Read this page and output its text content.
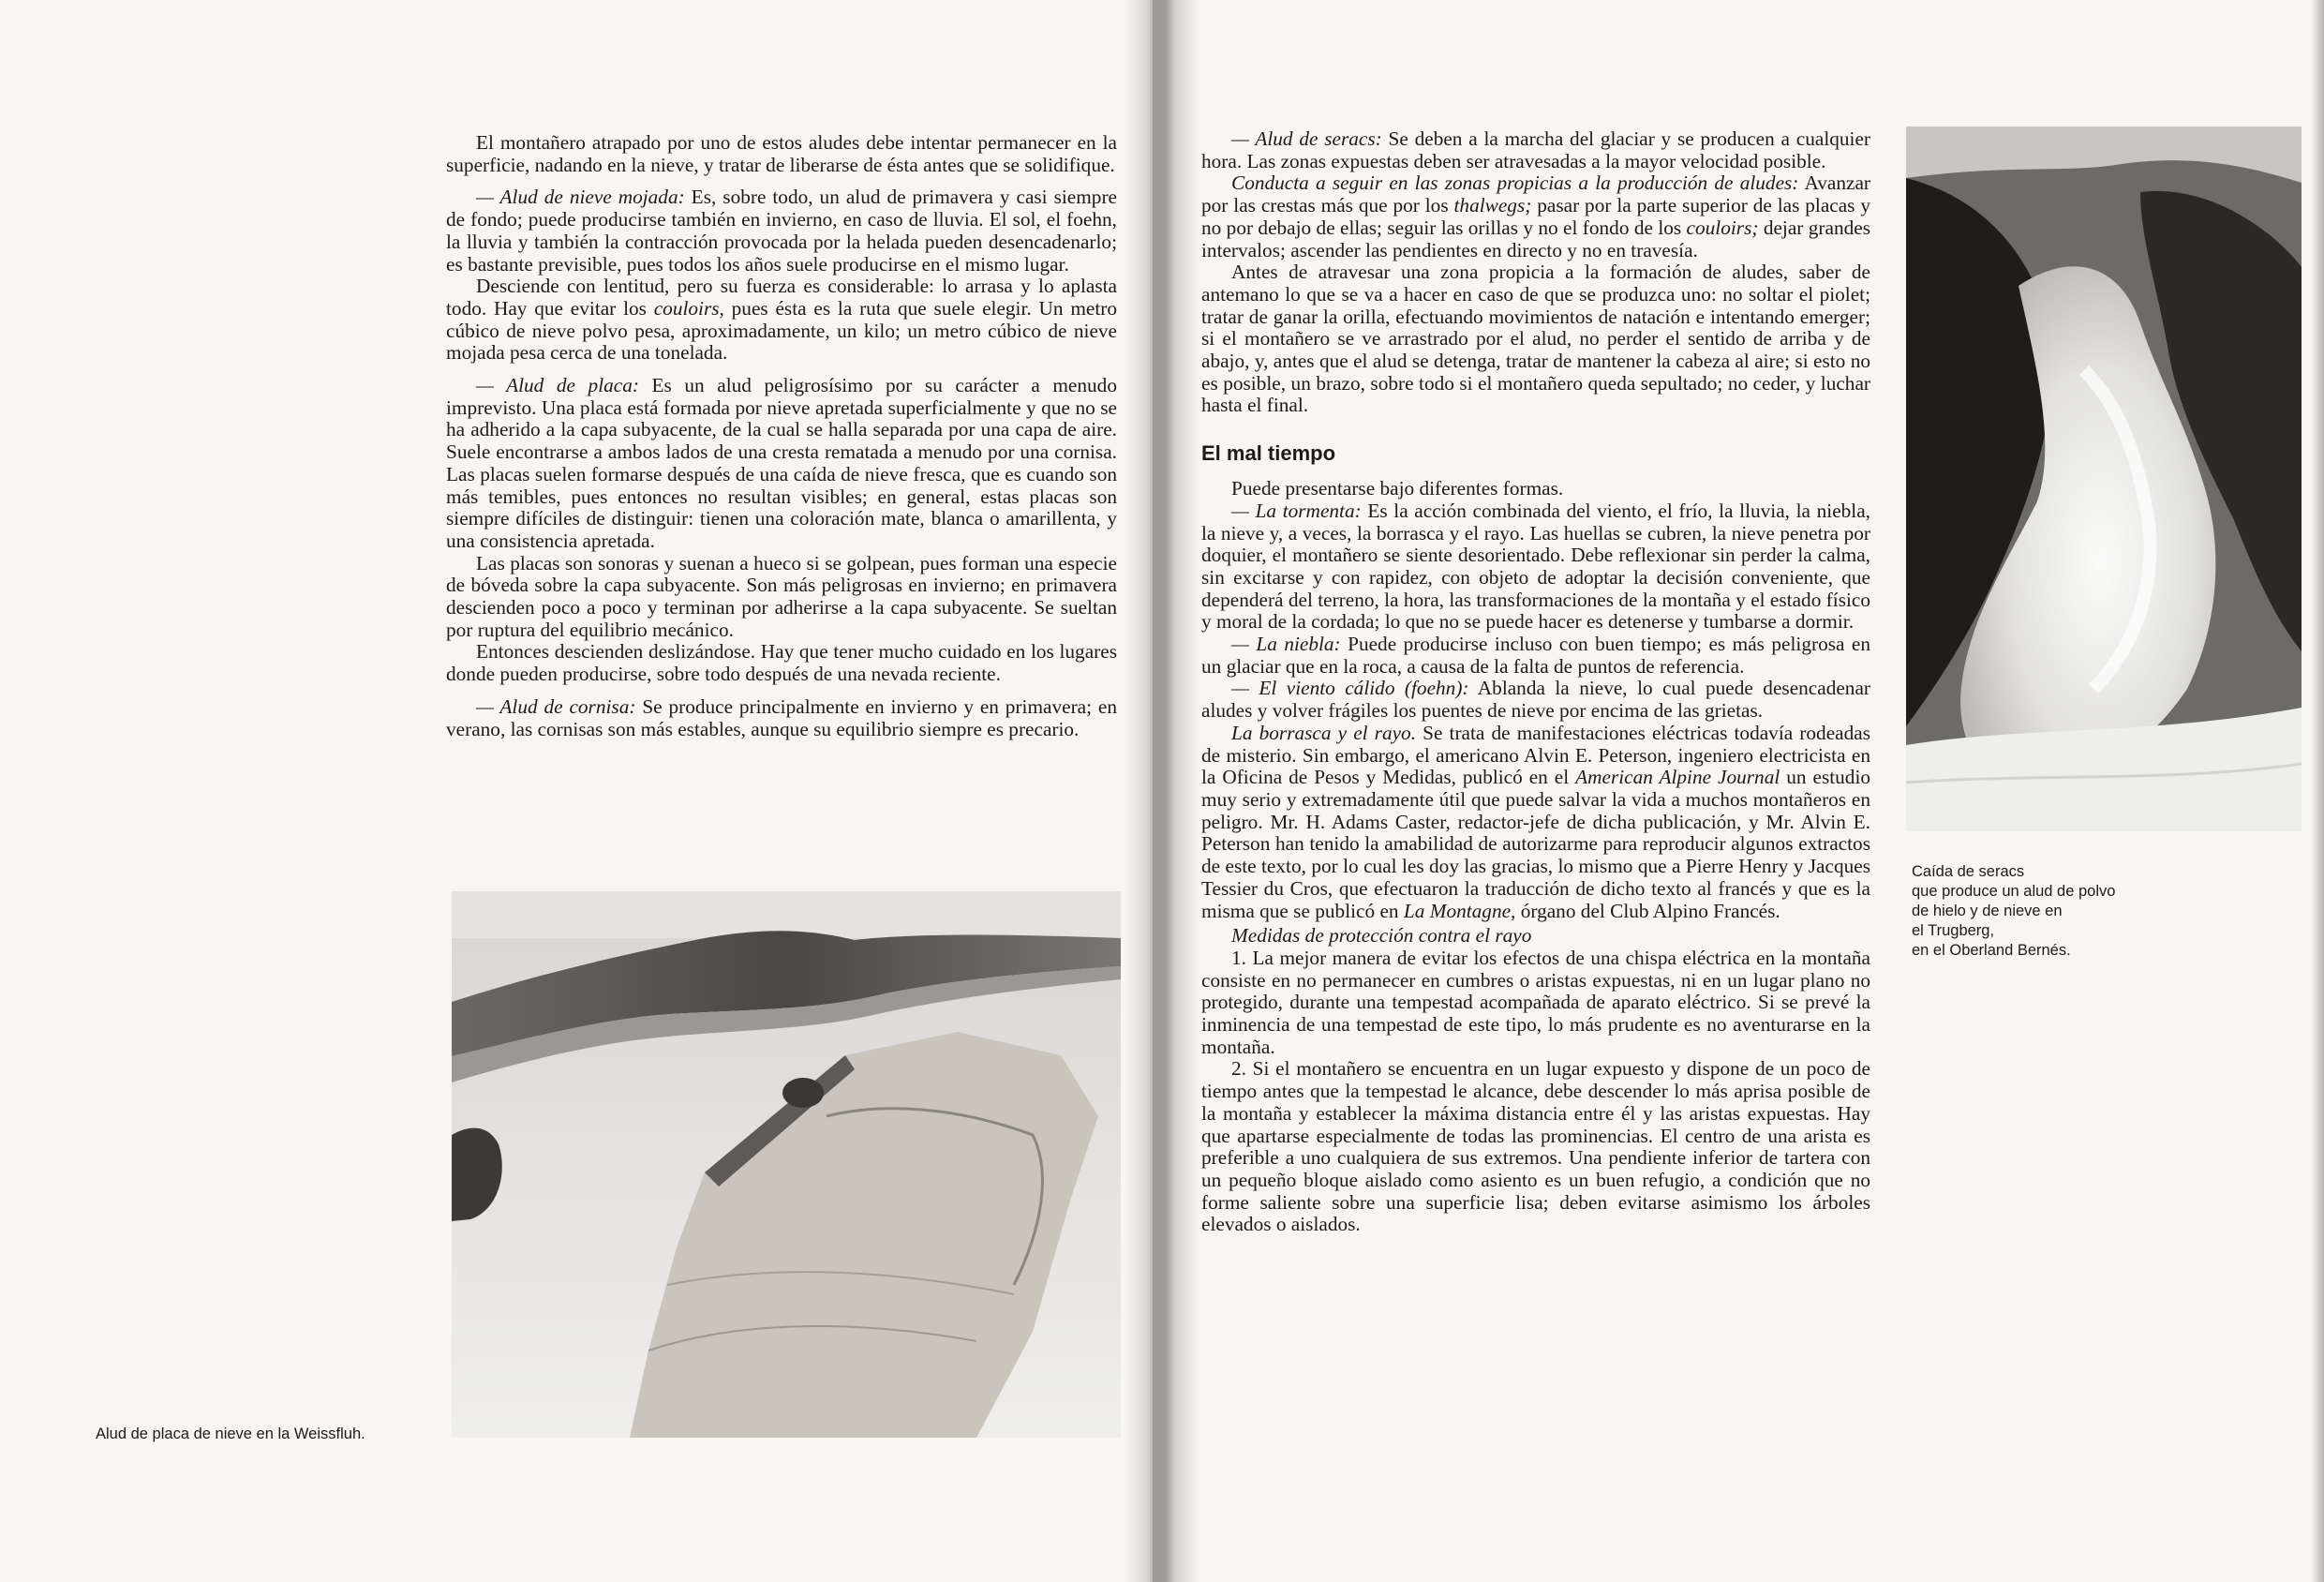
El montañero atrapado por uno de estos aludes debe intentar permanecer en la superficie, nadando en la nieve, y tratar de liberarse de ésta antes que se solidifique.

— Alud de nieve mojada: Es, sobre todo, un alud de primavera y casi siempre de fondo; puede producirse también en invierno, en caso de lluvia. El sol, el foehn, la lluvia y también la contracción provocada por la helada pueden desencadenarlo; es bastante previsible, pues todos los años suele producirse en el mismo lugar.

Desciende con lentitud, pero su fuerza es considerable: lo arrasa y lo aplasta todo. Hay que evitar los couloirs, pues ésta es la ruta que suele elegir. Un metro cúbico de nieve polvo pesa, aproximadamente, un kilo; un metro cúbico de nieve mojada pesa cerca de una tonelada.

— Alud de placa: Es un alud peligrosísimo por su carácter a menudo imprevisto. Una placa está formada por nieve apretada superficialmente y que no se ha adherido a la capa subyacente, de la cual se halla separada por una capa de aire. Suele encontrarse a ambos lados de una cresta rematada a menudo por una cornisa. Las placas suelen formarse después de una caída de nieve fresca, que es cuando son más temibles, pues entonces no resultan visibles; en general, estas placas son siempre difíciles de distinguir: tienen una coloración mate, blanca o amarillenta, y una consistencia apretada.

Las placas son sonoras y suenan a hueco si se golpean, pues forman una especie de bóveda sobre la capa subyacente. Son más peligrosas en invierno; en primavera descienden poco a poco y terminan por adherirse a la capa subyacente. Se sueltan por ruptura del equilibrio mecánico.

Entonces descienden deslizándose. Hay que tener mucho cuidado en los lugares donde pueden producirse, sobre todo después de una nevada reciente.

— Alud de cornisa: Se produce principalmente en invierno y en primavera; en verano, las cornisas son más estables, aunque su equilibrio siempre es precario.

Alud de placa de nieve en la Weissfluh.

— Alud de seracs: Se deben a la marcha del glaciar y se producen a cualquier hora. Las zonas expuestas deben ser atravesadas a la mayor velocidad posible.

Conducta a seguir en las zonas propicias a la producción de aludes: Avanzar por las crestas más que por los thalwegs; pasar por la parte superior de las placas y no por debajo de ellas; seguir las orillas y no el fondo de los couloirs; dejar grandes intervalos; ascender las pendientes en directo y no en travesía.

Antes de atravesar una zona propicia a la formación de aludes, saber de antemano lo que se va a hacer en caso de que se produzca uno: no soltar el piolet; tratar de ganar la orilla, efectuando movimientos de natación e intentando emerger; si el montañero se ve arrastrado por el alud, no perder el sentido de arriba y de abajo, y, antes que el alud se detenga, tratar de mantener la cabeza al aire; si esto no es posible, un brazo, sobre todo si el montañero queda sepultado; no ceder, y luchar hasta el final.

El mal tiempo

Puede presentarse bajo diferentes formas.

— La tormenta: Es la acción combinada del viento, el frío, la lluvia, la niebla, la nieve y, a veces, la borrasca y el rayo. Las huellas se cubren, la nieve penetra por doquier, el montañero se siente desorientado. Debe reflexionar sin perder la calma, sin excitarse y con rapidez, con objeto de adoptar la decisión conveniente, que dependerá del terreno, la hora, las transformaciones de la montaña y el estado físico y moral de la cordada; lo que no se puede hacer es detenerse y tumbarse a dormir.

— La niebla: Puede producirse incluso con buen tiempo; es más peligrosa en un glaciar que en la roca, a causa de la falta de puntos de referencia.

— El viento cálido (foehn): Ablanda la nieve, lo cual puede desencadenar aludes y volver frágiles los puentes de nieve por encima de las grietas.

La borrasca y el rayo. Se trata de manifestaciones eléctricas todavía rodeadas de misterio. Sin embargo, el americano Alvin E. Peterson, ingeniero electricista en la Oficina de Pesos y Medidas, publicó en el American Alpine Journal un estudio muy serio y extremadamente útil que puede salvar la vida a muchos montañeros en peligro. Mr. H. Adams Caster, redactor-jefe de dicha publicación, y Mr. Alvin E. Peterson han tenido la amabilidad de autorizarme para reproducir algunos extractos de este texto, por lo cual les doy las gracias, lo mismo que a Pierre Henry y Jacques Tessier du Cros, que efectuaron la traducción de dicho texto al francés y que es la misma que se publicó en La Montagne, órgano del Club Alpino Francés.

Medidas de protección contra el rayo

1. La mejor manera de evitar los efectos de una chispa eléctrica en la montaña consiste en no permanecer en cumbres o aristas expuestas, ni en un lugar plano no protegido, durante una tempestad acompañada de aparato eléctrico. Si se prevé la inminencia de una tempestad de este tipo, lo más prudente es no aventurarse en la montaña.

2. Si el montañero se encuentra en un lugar expuesto y dispone de un poco de tiempo antes que la tempestad le alcance, debe descender lo más aprisa posible de la montaña y establecer la máxima distancia entre él y las aristas expuestas. Hay que apartarse especialmente de todas las prominencias. El centro de una arista es preferible a uno cualquiera de sus extremos. Una pendiente inferior de tartera con un pequeño bloque aislado como asiento es un buen refugio, a condición que no forme saliente sobre una superficie lisa; deben evitarse asimismo los árboles elevados o aislados.

Caída de seracs
que produce un alud de polvo
de hielo y de nieve en
el Trugberg,
en el Oberland Bernés.
